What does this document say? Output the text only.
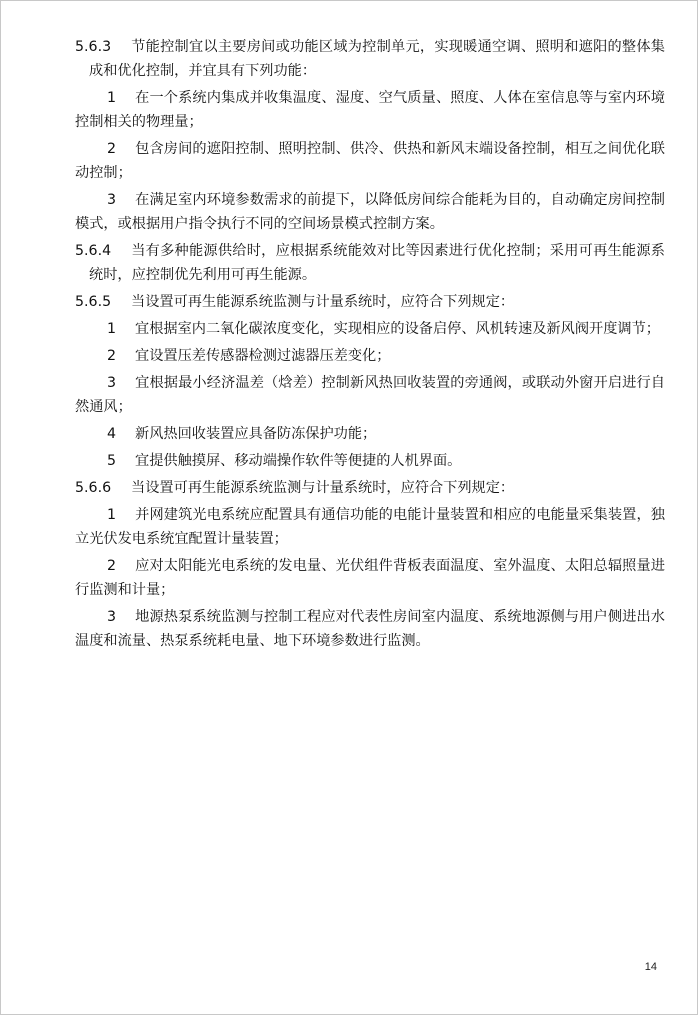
5.6.3 节能控制宜以主要房间或功能区域为控制单元，实现暖通空调、照明和遮阳的整体集成和优化控制，并宜具有下列功能：

1 在一个系统内集成并收集温度、湿度、空气质量、照度、人体在室信息等与室内环境控制相关的物理量；

2 包含房间的遮阳控制、照明控制、供冷、供热和新风末端设备控制，相互之间优化联动控制；

3 在满足室内环境参数需求的前提下，以降低房间综合能耗为目的，自动确定房间控制模式，或根据用户指令执行不同的空间场景模式控制方案。

5.6.4 当有多种能源供给时，应根据系统能效对比等因素进行优化控制；采用可再生能源系统时，应控制优先利用可再生能源。

5.6.5 当设置可再生能源系统监测与计量系统时，应符合下列规定：

1 宜根据室内二氧化碳浓度变化，实现相应的设备启停、风机转速及新风阀开度调节；

2 宜设置压差传感器检测过滤器压差变化；

3 宜根据最小经济温差（焓差）控制新风热回收装置的旁通阀，或联动外窗开启进行自然通风；

4 新风热回收装置应具备防冻保护功能；

5 宜提供触摸屏、移动端操作软件等便捷的人机界面。

5.6.6 当设置可再生能源系统监测与计量系统时，应符合下列规定：

1 并网建筑光电系统应配置具有通信功能的电能计量装置和相应的电能量采集装置，独立光伏发电系统宜配置计量装置；

2 应对太阳能光电系统的发电量、光伏组件背板表面温度、室外温度、太阳总辐照量进行监测和计量；

3 地源热泵系统监测与控制工程应对代表性房间室内温度、系统地源侧与用户侧进出水温度和流量、热泵系统耗电量、地下环境参数进行监测。

14
